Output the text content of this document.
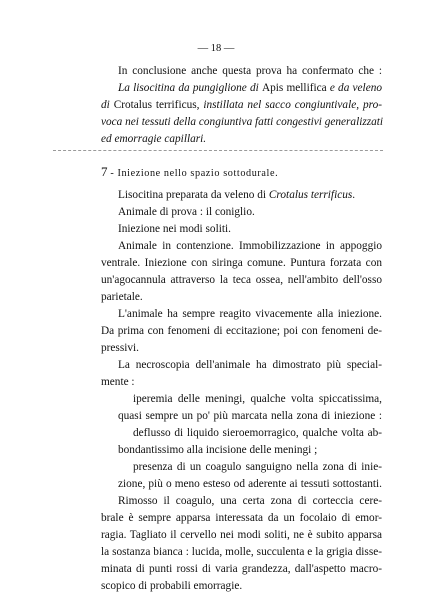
— 18 —
In conclusione anche questa prova ha confermato che :
La lisocitina da pungiglione di Apis mellifica e da veleno
di Crotalus terrificus, instillata nel sacco congiuntivale, pro-
voca nei tessuti della congiuntiva fatti congestivi generalizzati
ed emorragie capillari.
7 - Iniezione nello spazio sottodurale.
Lisocitina preparata da veleno di Crotalus terrificus.
Animale di prova : il coniglio.
Iniezione nei modi soliti.
Animale in contenzione. Immobilizzazione in appoggio
ventrale. Iniezione con siringa comune. Puntura forzata con
un'agocannula attraverso la teca ossea, nell'ambito dell'osso
parietale.
L'animale ha sempre reagito vivacemente alla iniezione.
Da prima con fenomeni di eccitazione; poi con fenomeni de-
pressivi.
La necroscopia dell'animale ha dimostrato più special-
mente :
iperemia delle meningi, qualche volta spiccatissima,
quasi sempre un po' più marcata nella zona di iniezione :
deflusso di liquido sieroemorragico, qualche volta ab-
bondantissimo alla incisione delle meningi ;
presenza di un coagulo sanguigno nella zona di inie-
zione, più o meno esteso od aderente ai tessuti sottostanti.
Rimosso il coagulo, una certa zona di corteccia cere-
brale è sempre apparsa interessata da un focolaio di emor-
ragia. Tagliato il cervello nei modi soliti, ne è subito apparsa
la sostanza bianca : lucida, molle, succulenta e la grigia disse-
minata di punti rossi di varia grandezza, dall'aspetto macro-
scopico di probabili emorragie.
